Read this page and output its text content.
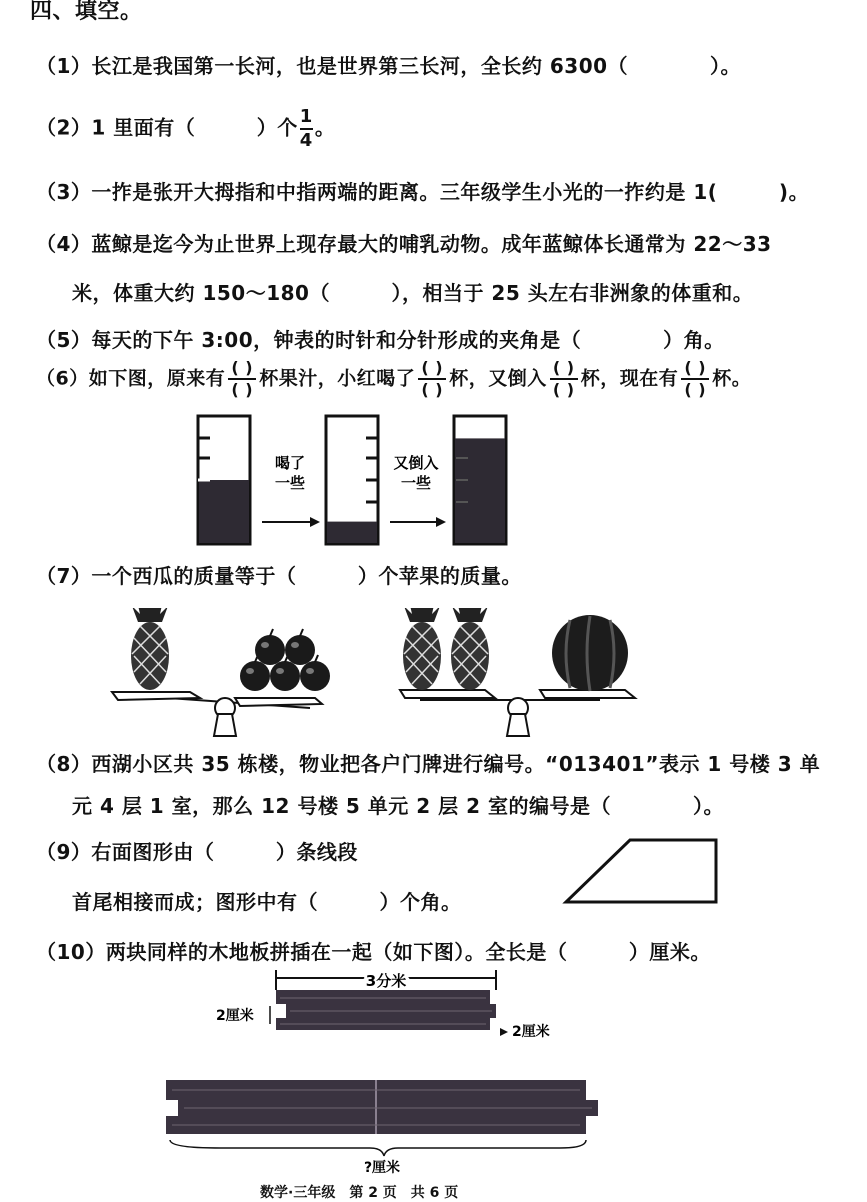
四、填空。
（1）长江是我国第一长河，也是世界第三长河，全长约 6300（　　　　）。
（2）1 里面有（　　　）个 $\frac{1}{4}$ 。
（3）一拃是张开大拇指和中指两端的距离。三年级学生小光的一拃约是 1(　　　)。
（4）蓝鲸是迄今为止世界上现存最大的哺乳动物。成年蓝鲸体长通常为 22～33
米，体重大约 150～180（　　　），相当于 25 头左右非洲象的体重和。
（5）每天的下午 3:00，钟表的时针和分针形成的夹角是（　　　　）角。
（6）如下图，原来有 $\frac{( )}{( )}$ 杯果汁，小红喝了 $\frac{( )}{( )}$ 杯，又倒入 $\frac{( )}{( )}$ 杯，现在有 $\frac{( )}{( )}$ 杯。
喝了
一些
又倒入
一些
（7）一个西瓜的质量等于（　　　）个苹果的质量。
（8）西湖小区共 35 栋楼，物业把各户门牌进行编号。“013401”表示 1 号楼 3 单
元 4 层 1 室，那么 12 号楼 5 单元 2 层 2 室的编号是（　　　　）。
（9）右面图形由（　　　）条线段
首尾相接而成；图形中有（　　　）个角。
（10）两块同样的木地板拼插在一起（如下图）。全长是（　　　）厘米。
3分米
2厘米
2厘米
?厘米
数学·三年级　第 2 页　共 6 页
